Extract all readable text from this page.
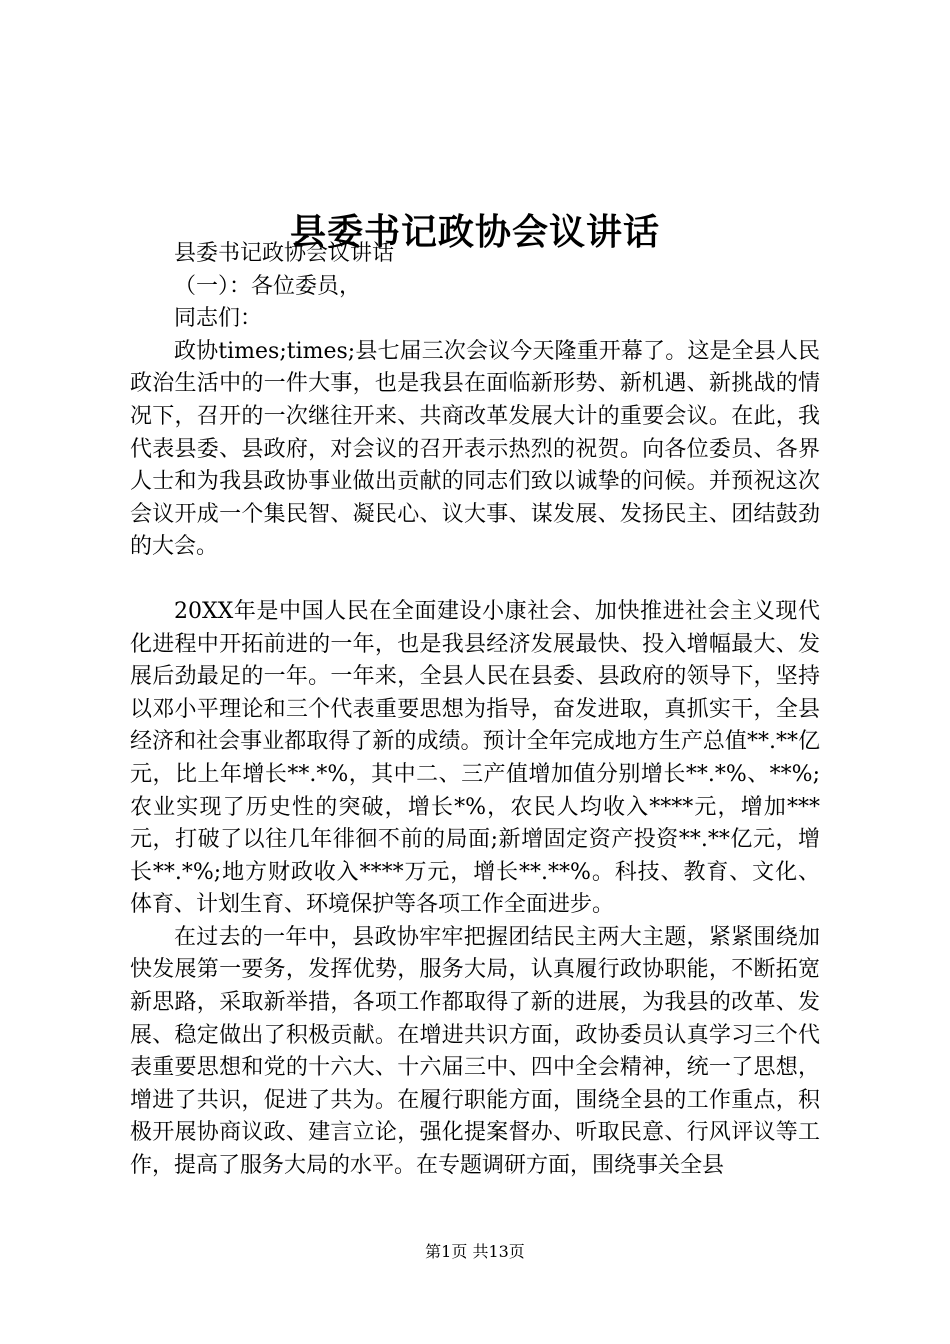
县委书记政协会议讲话

县委书记政协会议讲话

（一）：各位委员，

同志们：

政协times;times;县七届三次会议今天隆重开幕了。这是全县人民政治生活中的一件大事，也是我县在面临新形势、新机遇、新挑战的情况下，召开的一次继往开来、共商改革发展大计的重要会议。在此，我代表县委、县政府，对会议的召开表示热烈的祝贺。向各位委员、各界人士和为我县政协事业做出贡献的同志们致以诚挚的问候。并预祝这次会议开成一个集民智、凝民心、议大事、谋发展、发扬民主、团结鼓劲的大会。

20XX年是中国人民在全面建设小康社会、加快推进社会主义现代化进程中开拓前进的一年，也是我县经济发展最快、投入增幅最大、发展后劲最足的一年。一年来，全县人民在县委、县政府的领导下，坚持以邓小平理论和三个代表重要思想为指导，奋发进取，真抓实干，全县经济和社会事业都取得了新的成绩。预计全年完成地方生产总值**.**亿元，比上年增长**.*%，其中二、三产值增加值分别增长**.*%、**%;农业实现了历史性的突破，增长*%，农民人均收入****元，增加***元，打破了以往几年徘徊不前的局面;新增固定资产投资**.**亿元，增长**.*%;地方财政收入****万元，增长**.**%。科技、教育、文化、体育、计划生育、环境保护等各项工作全面进步。

在过去的一年中，县政协牢牢把握团结民主两大主题，紧紧围绕加快发展第一要务，发挥优势，服务大局，认真履行政协职能，不断拓宽新思路，采取新举措，各项工作都取得了新的进展，为我县的改革、发展、稳定做出了积极贡献。在增进共识方面，政协委员认真学习三个代表重要思想和党的十六大、十六届三中、四中全会精神，统一了思想，增进了共识，促进了共为。在履行职能方面，围绕全县的工作重点，积极开展协商议政、建言立论，强化提案督办、听取民意、行风评议等工作，提高了服务大局的水平。在专题调研方面，围绕事关全县

第1页 共13页
